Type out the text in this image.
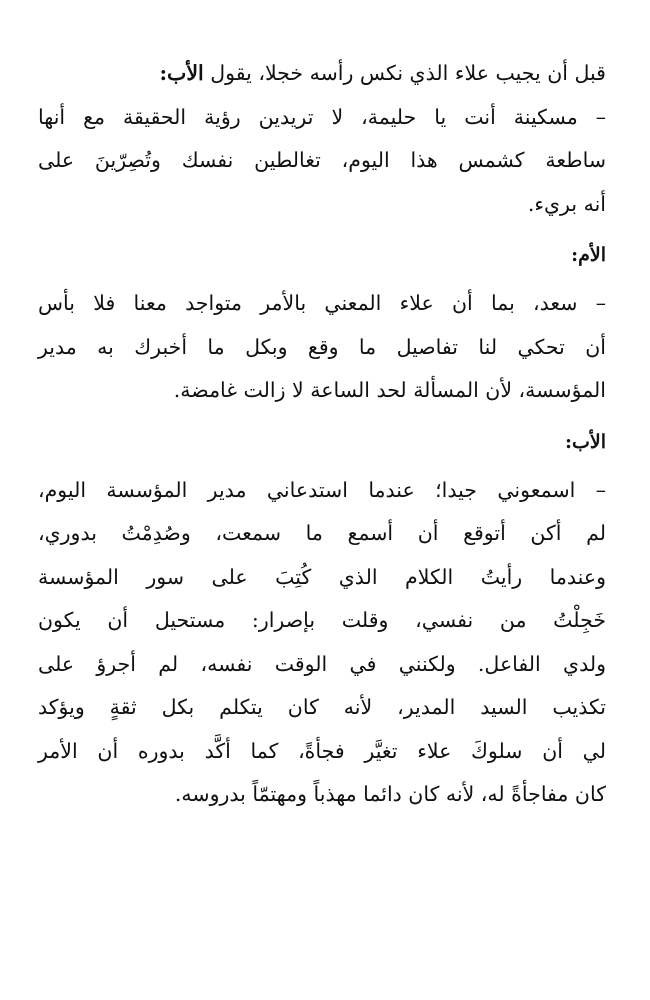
قبل أن يجيب علاء الذي نكس رأسه خجلا، يقول الأب:

– مسكينة أنت يا حليمة، لا تريدين رؤية الحقيقة مع أنها
ساطعة كشمس هذا اليوم، تغالطين نفسك وتُصِرّينَ على
أنه بريء.

الأم:

– سعد، بما أن علاء المعني بالأمر متواجد معنا فلا بأس
أن تحكي لنا تفاصيل ما وقع وبكل ما أخبرك به مدير
المؤسسة، لأن المسألة لحد الساعة لا زالت غامضة.

الأب:

– اسمعوني جيدا؛ عندما استدعاني مدير المؤسسة اليوم،
لم أكن أتوقع أن أسمع ما سمعت، وصُدِمْتُ بدوري،
وعندما رأيتُ الكلام الذي كُتِبَ على سور المؤسسة
خَجِلْتُ من نفسي، وقلت بإصرار: مستحيل أن يكون
ولدي الفاعل. ولكنني في الوقت نفسه، لم أجرؤ على
تكذيب السيد المدير، لأنه كان يتكلم بكل ثقةٍ ويؤكد
لي أن سلوكَ علاء تغيَّر فجأةً، كما أكَّد بدوره أن الأمر
كان مفاجأةً له، لأنه كان دائما مهذباً ومهتمّاً بدروسه.
